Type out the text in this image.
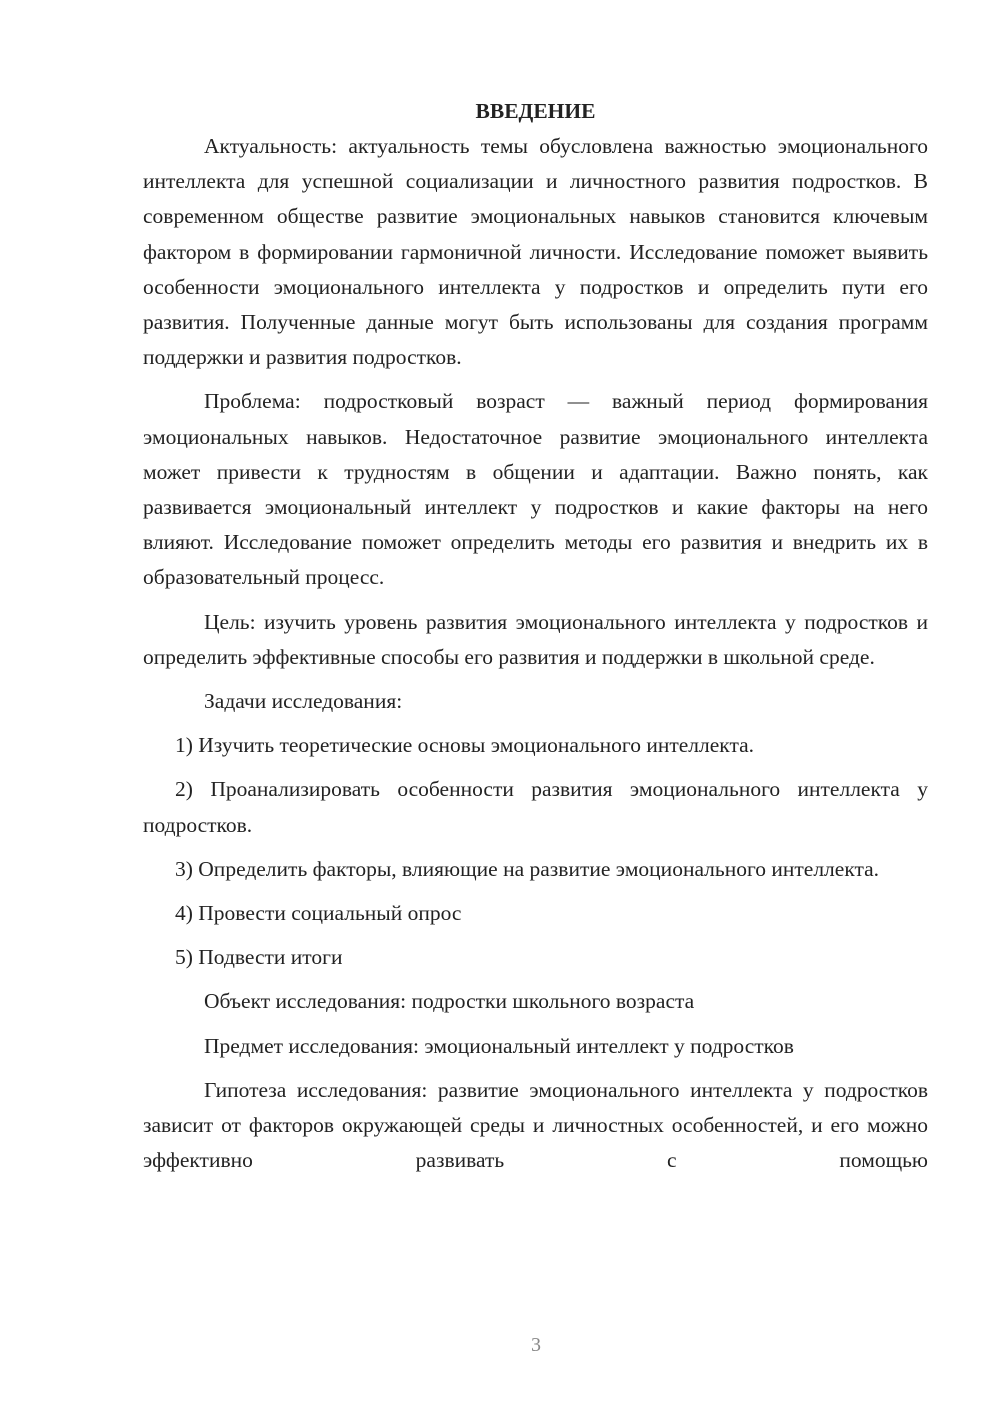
ВВЕДЕНИЕ

Актуальность: актуальность темы обусловлена важностью эмоционального интеллекта для успешной социализации и личностного развития подростков. В современном обществе развитие эмоциональных навыков становится ключевым фактором в формировании гармоничной личности. Исследование поможет выявить особенности эмоционального интеллекта у подростков и определить пути его развития. Полученные данные могут быть использованы для создания программ поддержки и развития подростков.

Проблема: подростковый возраст — важный период формирования эмоциональных навыков. Недостаточное развитие эмоционального интеллекта может привести к трудностям в общении и адаптации. Важно понять, как развивается эмоциональный интеллект у подростков и какие факторы на него влияют. Исследование поможет определить методы его развития и внедрить их в образовательный процесс.

Цель: изучить уровень развития эмоционального интеллекта у подростков и определить эффективные способы его развития и поддержки в школьной среде.

Задачи исследования:

1) Изучить теоретические основы эмоционального интеллекта.

2) Проанализировать особенности развития эмоционального интеллекта у подростков.

3) Определить факторы, влияющие на развитие эмоционального интеллекта.

4) Провести социальный опрос

5) Подвести итоги

Объект исследования: подростки школьного возраста

Предмет исследования: эмоциональный интеллект у подростков

Гипотеза исследования: развитие эмоционального интеллекта у подростков зависит от факторов окружающей среды и личностных особенностей, и его можно эффективно развивать с помощью

3
